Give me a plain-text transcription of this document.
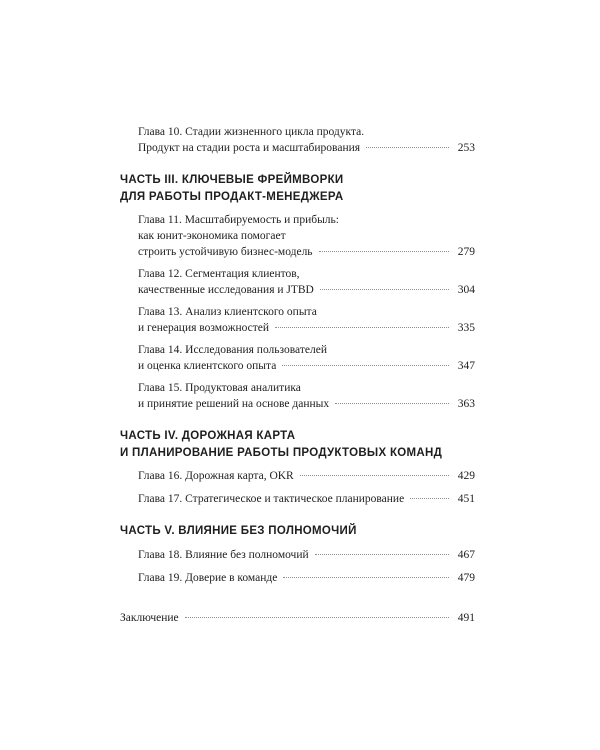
Глава 10. Стадии жизненного цикла продукта.
Продукт на стадии роста и масштабирования	253
ЧАСТЬ III. КЛЮЧЕВЫЕ ФРЕЙМВОРКИ
ДЛЯ РАБОТЫ ПРОДАКТ-МЕНЕДЖЕРА
Глава 11. Масштабируемость и прибыль:
как юнит-экономика помогает
строить устойчивую бизнес-модель	279
Глава 12. Сегментация клиентов,
качественные исследования и JTBD	304
Глава 13. Анализ клиентского опыта
и генерация возможностей	335
Глава 14. Исследования пользователей
и оценка клиентского опыта	347
Глава 15. Продуктовая аналитика
и принятие решений на основе данных	363
ЧАСТЬ IV. ДОРОЖНАЯ КАРТА
И ПЛАНИРОВАНИЕ РАБОТЫ ПРОДУКТОВЫХ КОМАНД
Глава 16. Дорожная карта, OKR	429
Глава 17. Стратегическое и тактическое планирование	451
ЧАСТЬ V. ВЛИЯНИЕ БЕЗ ПОЛНОМОЧИЙ
Глава 18. Влияние без полномочий	467
Глава 19. Доверие в команде	479
Заключение	491
